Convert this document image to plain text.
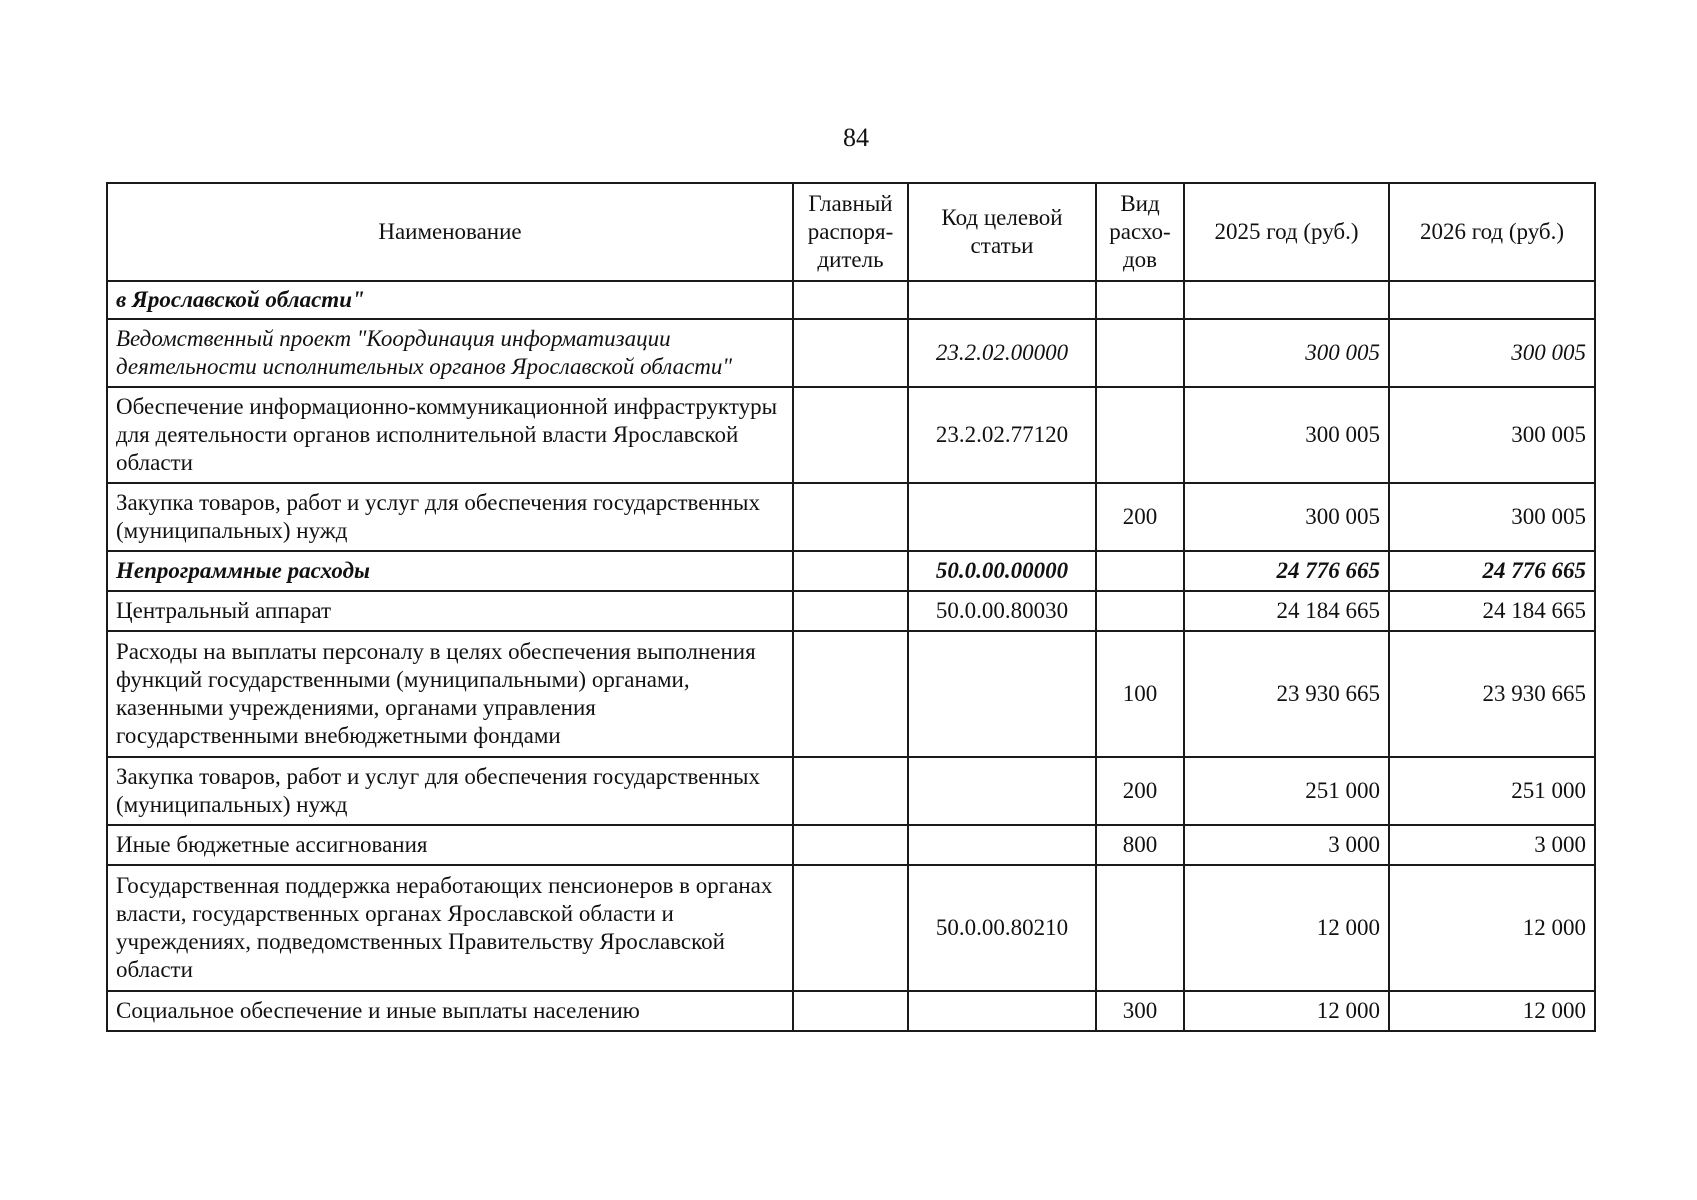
84
Наименование	Главный распоря-дитель	Код целевой статьи	Вид расхо-дов	2025 год (руб.)	2026 год (руб.)
в Ярославской области"					
Ведомственный проект "Координация информатизации деятельности исполнительных органов Ярославской области"		23.2.02.00000		300 005	300 005
Обеспечение информационно-коммуникационной инфраструктуры для деятельности органов исполнительной власти Ярославской области		23.2.02.77120		300 005	300 005
Закупка товаров, работ и услуг для обеспечения государственных (муниципальных) нужд			200	300 005	300 005
Непрограммные расходы		50.0.00.00000		24 776 665	24 776 665
Центральный аппарат		50.0.00.80030		24 184 665	24 184 665
Расходы на выплаты персоналу в целях обеспечения выполнения функций государственными (муниципальными) органами, казенными учреждениями, органами управления государственными внебюджетными фондами			100	23 930 665	23 930 665
Закупка товаров, работ и услуг для обеспечения государственных (муниципальных) нужд			200	251 000	251 000
Иные бюджетные ассигнования			800	3 000	3 000
Государственная поддержка неработающих пенсионеров в органах власти, государственных органах Ярославской области и учреждениях, подведомственных Правительству Ярославской области		50.0.00.80210		12 000	12 000
Социальное обеспечение и иные выплаты населению			300	12 000	12 000
